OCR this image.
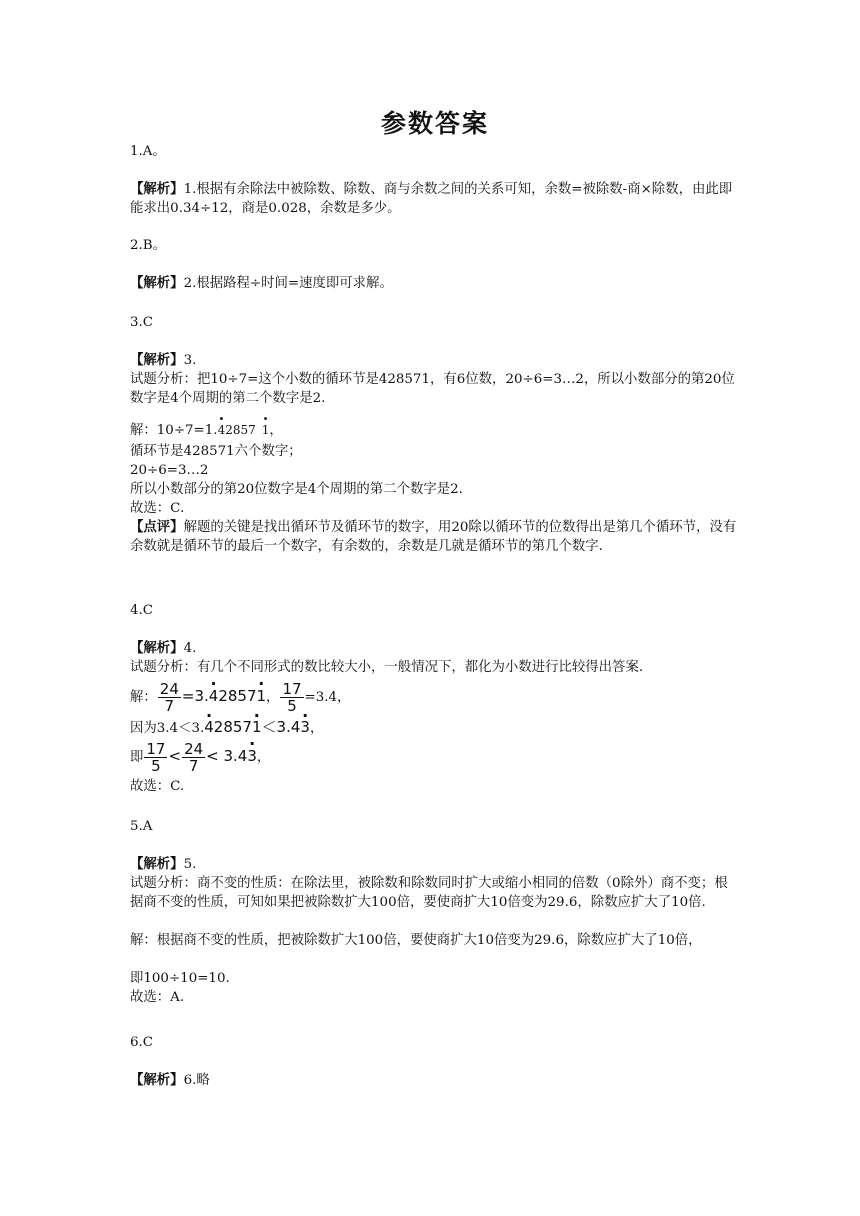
参数答案
1.A。
【解析】1.根据有余除法中被除数、除数、商与余数之间的关系可知，余数=被除数-商×除数，由此即能求出0.34÷12，商是0.028，余数是多少。
2.B。
【解析】2.根据路程÷时间=速度即可求解。
3.C
【解析】3.
试题分析：把10÷7=这个小数的循环节是428571，有6位数，20÷6=3…2，所以小数部分的第20位数字是4个周期的第二个数字是2.
解：10÷7=1.· 42857· 1，
循环节是428571六个数字；
20÷6=3…2
所以小数部分的第20位数字是4个周期的第二个数字是2.
故选：C.
【点评】解题的关键是找出循环节及循环节的数字，用20除以循环节的位数得出是第几个循环节，没有余数就是循环节的最后一个数字，有余数的，余数是几就是循环节的第几个数字.
4.C
【解析】4.
试题分析：有几个不同形式的数比较大小，一般情况下，都化为小数进行比较得出答案.
解： $\frac{24}{7} =3.\cdot 42857\cdot 1$， $\frac{17}{5} =3.4$，
因为3.4＜3.· 42857· 1＜3.4· 3，
即 $\frac{17}{5} < \frac{24}{7} < 3.4\cdot 3$，
故选：C.
5.A
【解析】5.
试题分析：商不变的性质：在除法里，被除数和除数同时扩大或缩小相同的倍数（0除外）商不变；根据商不变的性质，可知如果把被除数扩大100倍，要使商扩大10倍变为29.6，除数应扩大了10倍.
解：根据商不变的性质，把被除数扩大100倍，要使商扩大10倍变为29.6，除数应扩大了10倍，
即100÷10=10.
故选：A.
6.C
【解析】6.略
